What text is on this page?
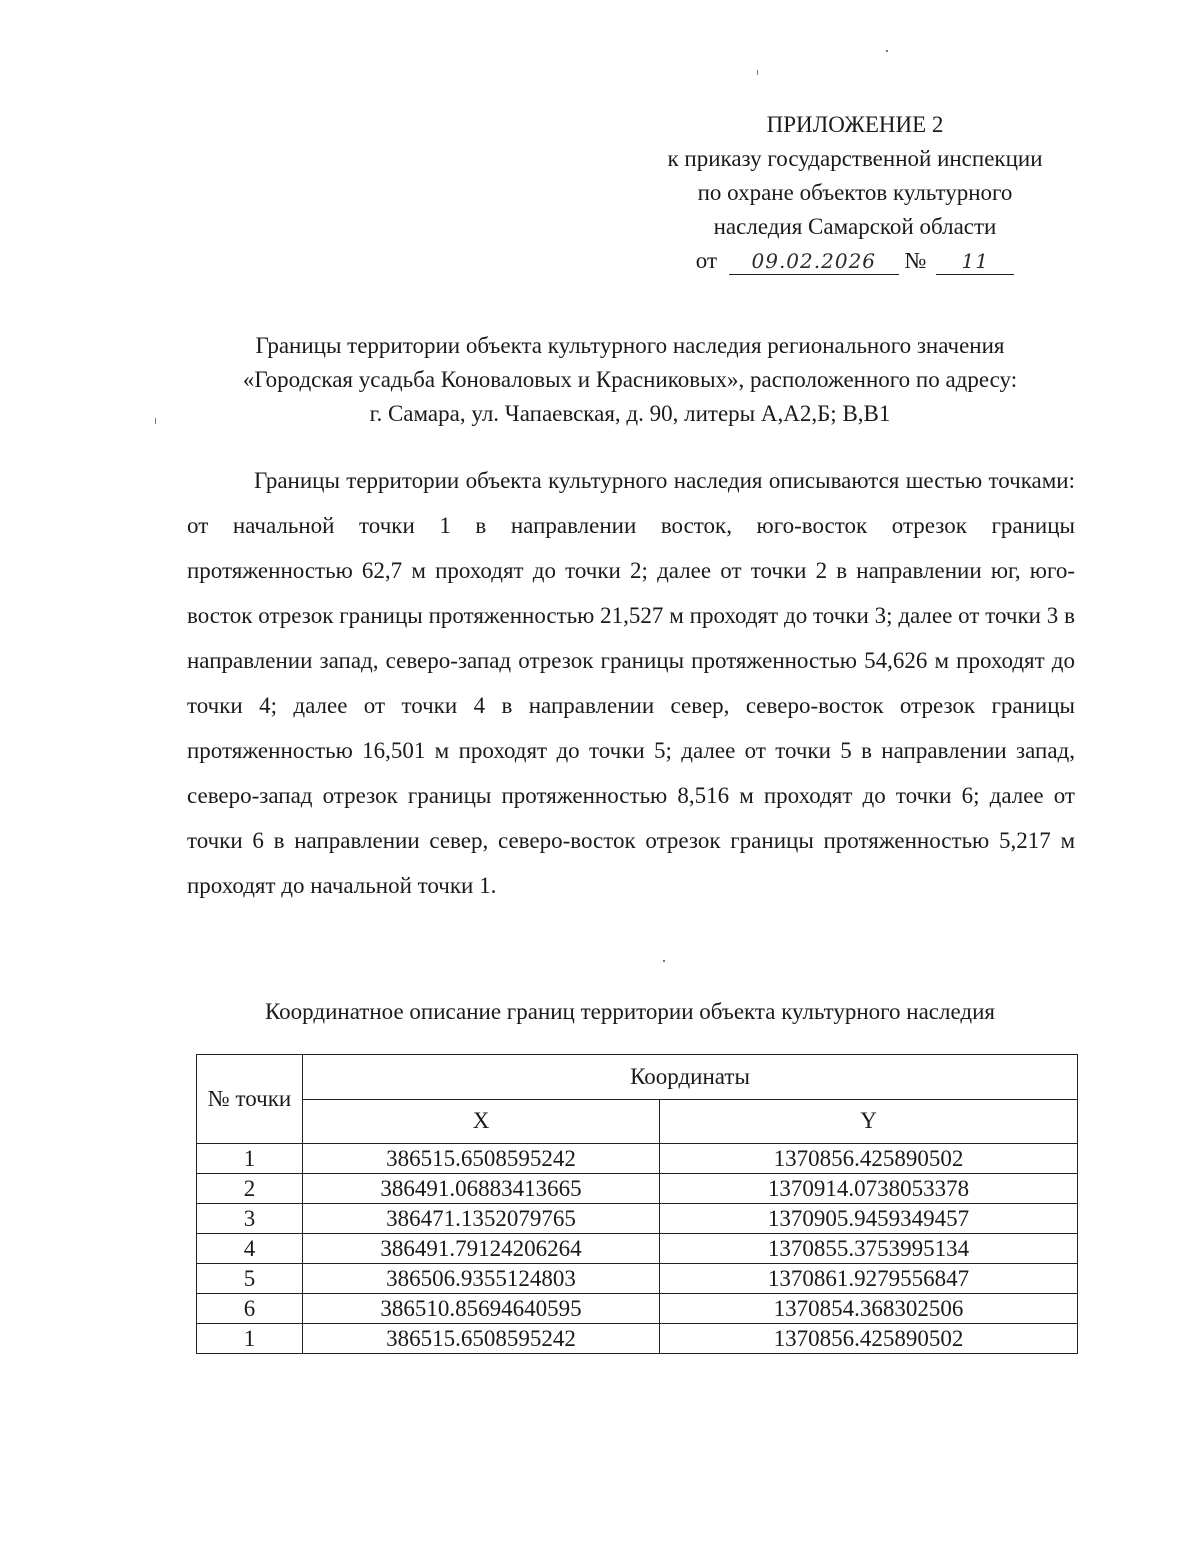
ПРИЛОЖЕНИЕ 2
к приказу государственной инспекции
по охране объектов культурного
наследия Самарской области
от 09.02.2026 № 11
Границы территории объекта культурного наследия регионального значения
«Городская усадьба Коноваловых и Красниковых», расположенного по адресу:
г. Самара, ул. Чапаевская, д. 90, литеры А,А2,Б; В,В1

Границы территории объекта культурного наследия описываются шестью точками: от начальной точки 1 в направлении восток, юго-восток отрезок границы протяженностью 62,7 м проходят до точки 2; далее от точки 2 в направлении юг, юго-восток отрезок границы протяженностью 21,527 м проходят до точки 3; далее от точки 3 в направлении запад, северо-запад отрезок границы протяженностью 54,626 м проходят до точки 4; далее от точки 4 в направлении север, северо-восток отрезок границы протяженностью 16,501 м проходят до точки 5; далее от точки 5 в направлении запад, северо-запад отрезок границы протяженностью 8,516 м проходят до точки 6; далее от точки 6 в направлении север, северо-восток отрезок границы протяженностью 5,217 м проходят до начальной точки 1.

Координатное описание границ территории объекта культурного наследия
№ точки	Координаты	
	X	Y
1	386515.6508595242	1370856.425890502
2	386491.06883413665	1370914.0738053378
3	386471.1352079765	1370905.9459349457
4	386491.79124206264	1370855.3753995134
5	386506.9355124803	1370861.9279556847
6	386510.85694640595	1370854.368302506
1	386515.6508595242	1370856.425890502
